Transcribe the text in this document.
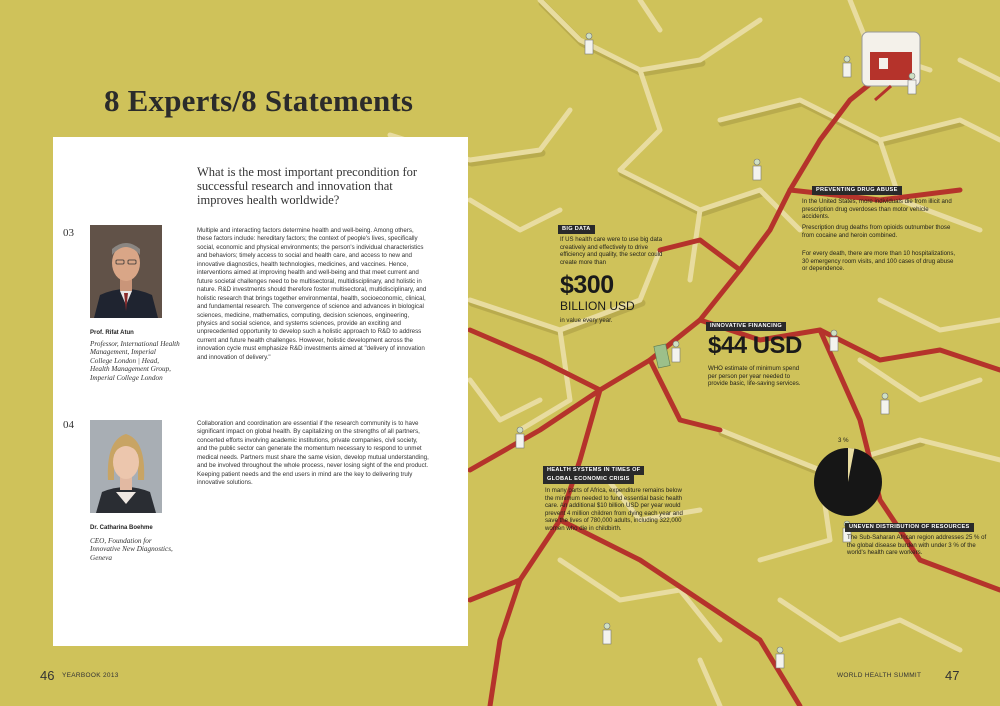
8 Experts/8 Statements
What is the most important precondition for successful research and innovation that improves health worldwide?
03
Prof. Rifat Atun
Professor, International Health Management, Imperial College London | Head, Health Management Group, Imperial College London

Multiple and interacting factors determine health and well-being. Among others, these factors include: hereditary factors; the context of people's lives, specifically social, economic and physical environments; the person's individual characteristics and behaviors; timely access to social and health care, and access to new and innovative diagnostics, health technologies, medicines, and vaccines. Hence, interventions aimed at improving health and well-being and that meet current and future societal challenges need to be multisectoral, multidisciplinary, and holistic in nature. R&D investments should therefore foster multisectoral, multidisciplinary, and holistic research that brings together environmental, health, socioeconomic, clinical, and fundamental research. The convergence of science and advances in biological sciences, medicine, mathematics, computing, decision sciences, engineering, physics and social science, and systems sciences, provide an exciting and unprecedented opportunity to develop such a holistic approach to R&D to address current and future health challenges. However, holistic development across the innovation cycle must emphasize R&D investments aimed at "delivery of innovation and innovation of delivery."

04
Dr. Catharina Boehme
CEO, Foundation for Innovative New Diagnostics, Geneva

Collaboration and coordination are essential if the research community is to have significant impact on global health. By capitalizing on the strengths of all partners, concerted efforts involving academic institutions, private companies, civil society, and the public sector can generate the momentum necessary to respond to unmet medical needs. Partners must share the same vision, develop mutual understanding, and be involved throughout the whole process, never losing sight of the end product. Keeping patient needs and the end users in mind are the key to delivering truly innovative solutions.

BIG DATA

If US health care were to use big data creatively and effectively to drive efficiency and quality, the sector could create more than

$300
BILLION USD
in value every year.
PREVENTING DRUG ABUSE

In the United States, more individuals die from illicit and prescription drug overdoses than motor vehicle accidents.

Prescription drug deaths from opioids outnumber those from cocaine and heroin combined.

For every death, there are more than 10 hospitalizations, 30 emergency room visits, and 100 cases of drug abuse or dependence.

INNOVATIVE FINANCING
$44 USD

WHO estimate of minimum spend per person per year needed to provide basic, life-saving services.

HEALTH SYSTEMS IN TIMES OF
GLOBAL ECONOMIC CRISIS

In many parts of Africa, expenditure remains below the minimum needed to fund essential basic health care. An additional $10 billion USD per year would prevent 4 million children from dying each year and save the lives of 780,000 adults, including 322,000 women who die in childbirth.

3 %
UNEVEN DISTRIBUTION OF RESOURCES

The Sub-Saharan African region addresses 25 % of the global disease burden with under 3 % of the world's health care workers.

46 YEARBOOK 2013	WORLD HEALTH SUMMIT 47
